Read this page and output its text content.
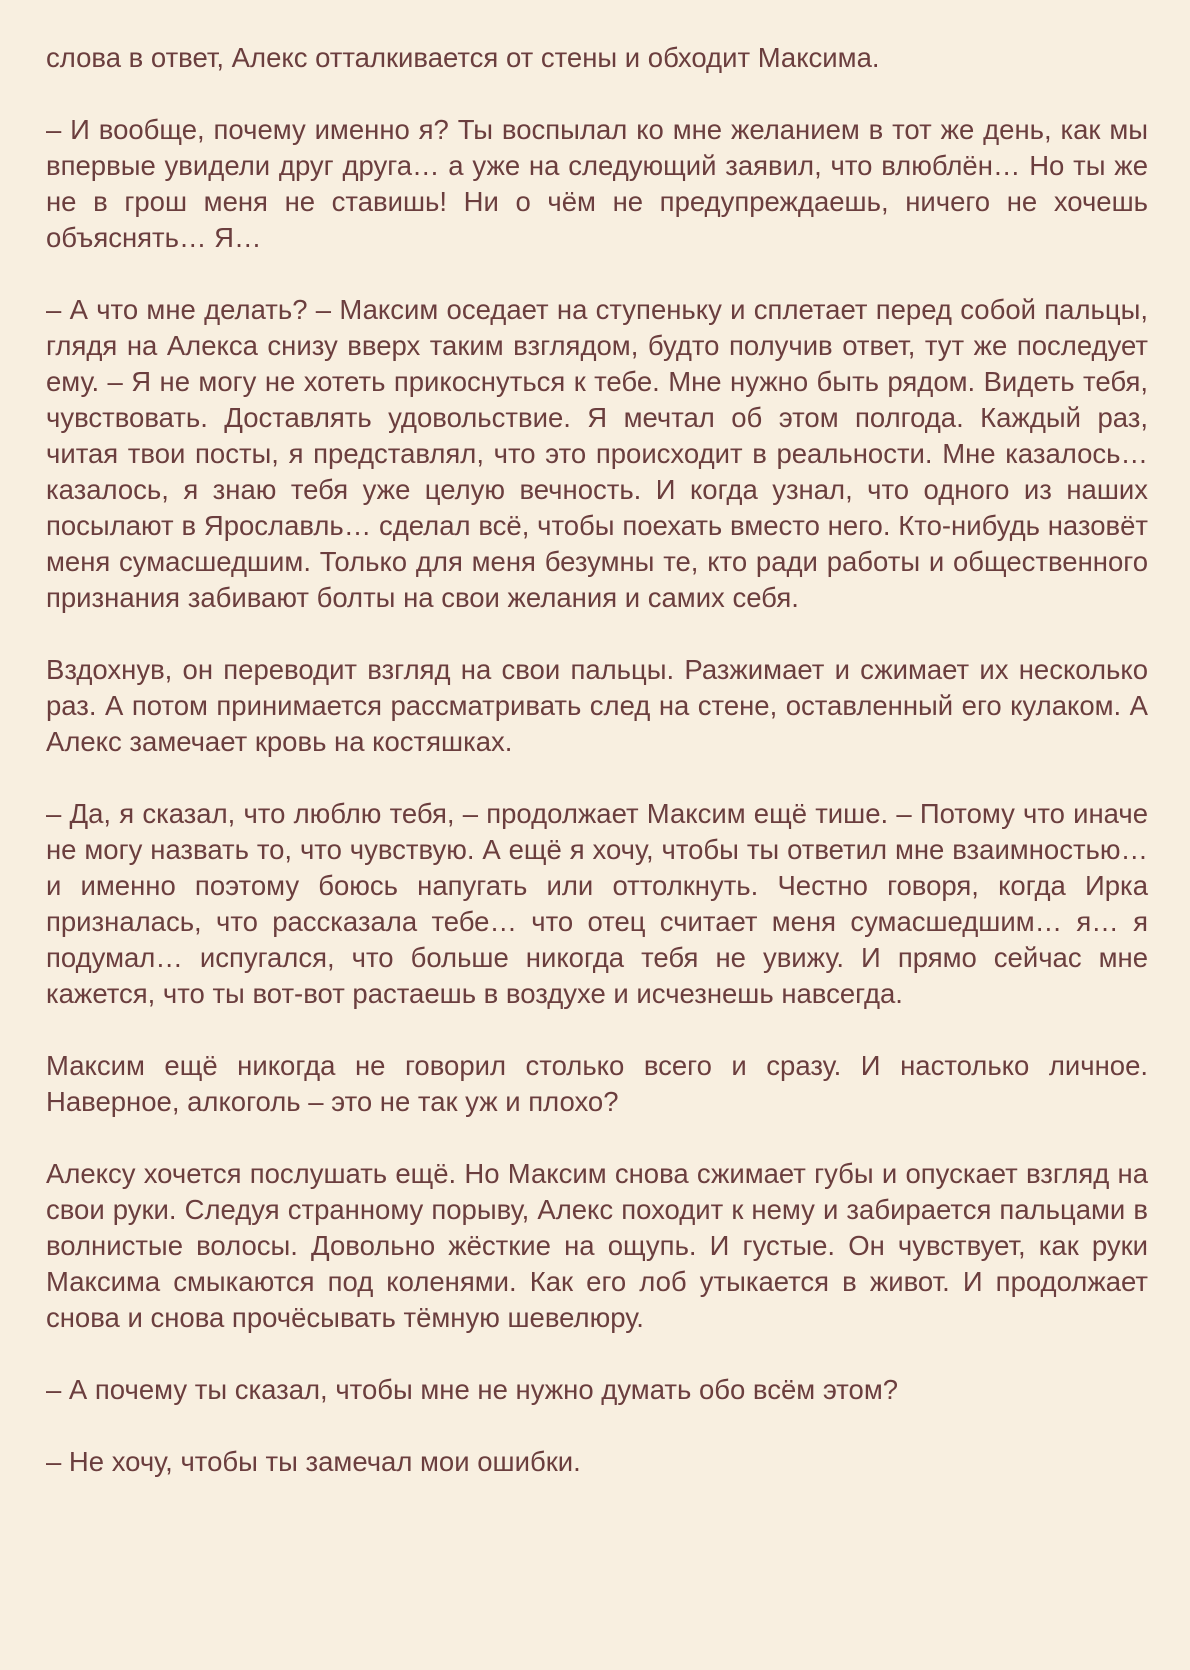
слова в ответ, Алекс отталкивается от стены и обходит Максима.

– И вообще, почему именно я? Ты воспылал ко мне желанием в тот же день, как мы впервые увидели друг друга… а уже на следующий заявил, что влюблён… Но ты же не в грош меня не ставишь! Ни о чём не предупреждаешь, ничего не хочешь объяснять… Я…

– А что мне делать? – Максим оседает на ступеньку и сплетает перед собой пальцы, глядя на Алекса снизу вверх таким взглядом, будто получив ответ, тут же последует ему. – Я не могу не хотеть прикоснуться к тебе. Мне нужно быть рядом. Видеть тебя, чувствовать. Доставлять удовольствие. Я мечтал об этом полгода. Каждый раз, читая твои посты, я представлял, что это происходит в реальности. Мне казалось… казалось, я знаю тебя уже целую вечность. И когда узнал, что одного из наших посылают в Ярославль… сделал всё, чтобы поехать вместо него. Кто-нибудь назовёт меня сумасшедшим. Только для меня безумны те, кто ради работы и общественного признания забивают болты на свои желания и самих себя.

Вздохнув, он переводит взгляд на свои пальцы. Разжимает и сжимает их несколько раз. А потом принимается рассматривать след на стене, оставленный его кулаком. А Алекс замечает кровь на костяшках.

– Да, я сказал, что люблю тебя, – продолжает Максим ещё тише. – Потому что иначе не могу назвать то, что чувствую. А ещё я хочу, чтобы ты ответил мне взаимностью… и именно поэтому боюсь напугать или оттолкнуть. Честно говоря, когда Ирка призналась, что рассказала тебе… что отец считает меня сумасшедшим… я… я подумал… испугался, что больше никогда тебя не увижу. И прямо сейчас мне кажется, что ты вот-вот растаешь в воздухе и исчезнешь навсегда.

Максим ещё никогда не говорил столько всего и сразу. И настолько личное. Наверное, алкоголь – это не так уж и плохо?

Алексу хочется послушать ещё. Но Максим снова сжимает губы и опускает взгляд на свои руки. Следуя странному порыву, Алекс походит к нему и забирается пальцами в волнистые волосы. Довольно жёсткие на ощупь. И густые. Он чувствует, как руки Максима смыкаются под коленями. Как его лоб утыкается в живот. И продолжает снова и снова прочёсывать тёмную шевелюру.

– А почему ты сказал, чтобы мне не нужно думать обо всём этом?

– Не хочу, чтобы ты замечал мои ошибки.
